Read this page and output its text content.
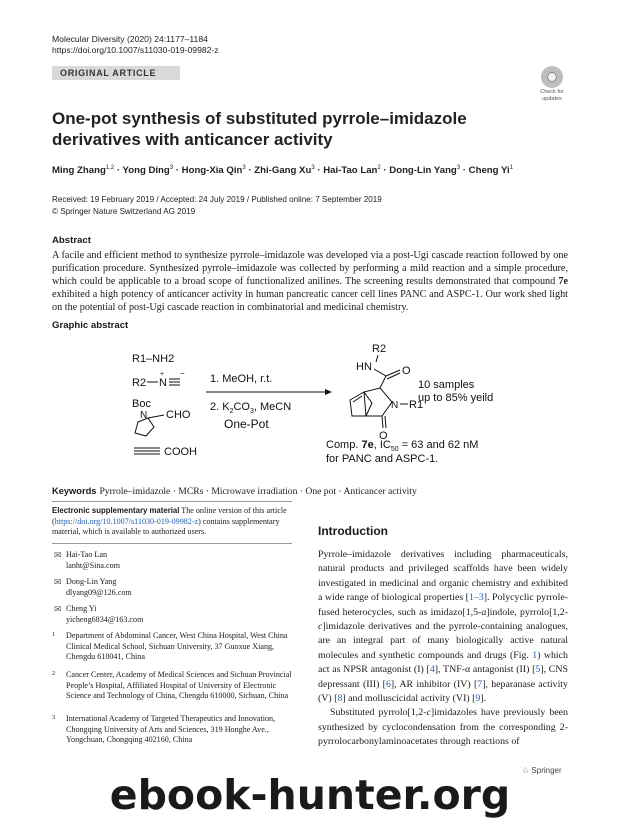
Molecular Diversity (2020) 24:1177–1184
https://doi.org/10.1007/s11030-019-09982-z
ORIGINAL ARTICLE
Check for
updates
One-pot synthesis of substituted pyrrole–imidazole derivatives with anticancer activity
Ming Zhang$^{1,2}$ · Yong Ding$^3$ · Hong-Xia Qin$^3$ · Zhi-Gang $Xu^3 \cdot Hai-Tao$ Lan$^2$ · Dong-Lin Yang$^3$ · Cheng Yi$^1$
Received: 19 February 2019 / Accepted: 24 July 2019 / Published online: 7 September 2019
© Springer Nature Switzerland AG 2019
Abstract
A facile and efficient method to synthesize pyrrole–imidazole was developed via a post-Ugi cascade reaction followed by one purification procedure. Synthesized pyrrole–imidazole was collected by performing a mild reaction and a simple procedure, which could be applicable to a broad scope of functionalized anilines. The screening results demonstrated that compound 7e exhibited a high potency of anticancer activity in human pancreatic cancer cell lines PANC and ASPC-1. Our work shed light on the potential of post-Ugi cascade reaction in combinatorial and medicinal chemistry.
Graphic abstract
R1–NH2
R2 N
+ −
Boc
N CHO
COOH
1. MeOH, r.t.
2. $K_2CO_3$, MeCN
One-Pot
R2
HN	O
N R1
O
10 samples
up to 85% yeild
Comp. 7e, $IC_{50} = 63$ and 62 nM
for PANC and ASPC-1.
Keywords Pyrrole–imidazole · MCRs · Microwave irradiation · One pot · Anticancer activity
Electronic supplementary material The online version of this article (https://doi.org/10.1007/s11030-019-09982-z) contains supplementary material, which is available to authorized users.
✉ Hai-Tao Lan
lanht@Sina.com
✉ Dong-Lin Yang
dlyang09@126.com
✉ Cheng Yi
yicheng6834@163.com
1 Department of Abdominal Cancer, West China Hospital, West China Clinical Medical School, Sichuan University, 37 Guoxue Xiang, Chengdu 610041, China
2 Cancer Center, Academy of Medical Sciences and Sichuan Provincial People’s Hospital, Affiliated Hospital of University of Electronic Science and Technology of China, Chengdu 610000, Sichuan, China
3 International Academy of Targeted Therapeutics and Innovation, Chongqing University of Arts and Sciences, 319 Honghe Ave., Yongchuan, Chongqing 402160, China
Introduction

Pyrrole–imidazole derivatives including pharmaceuticals, natural products and privileged scaffolds have been widely investigated in medicinal and organic chemistry and exhibited a wide range of biological properties [1–3]. Polycyclic pyrrole-fused heterocycles, such as imidazo[1,5-a]indole, pyrrolo[1,2-c]imidazole derivatives and the pyrrole-containing analogues, are an integral part of many biologically active natural molecules and synthetic compounds and drugs (Fig. 1) which act as NPSR antagonist (I) [4], TNF-α antagonist (II) [5], CNS depressant (III) [6], AR inhibitor (IV) [7], heparanase activity (V) [8] and molluscicidal activity (VI) [9].

Substituted pyrrolo[1,2-c]imidazoles have previously been synthesized by cyclocondensation from the corresponding 2-pyrrolocarbonylaminoacetates through reactions of

♘ Springer
ebook-hunter.org
